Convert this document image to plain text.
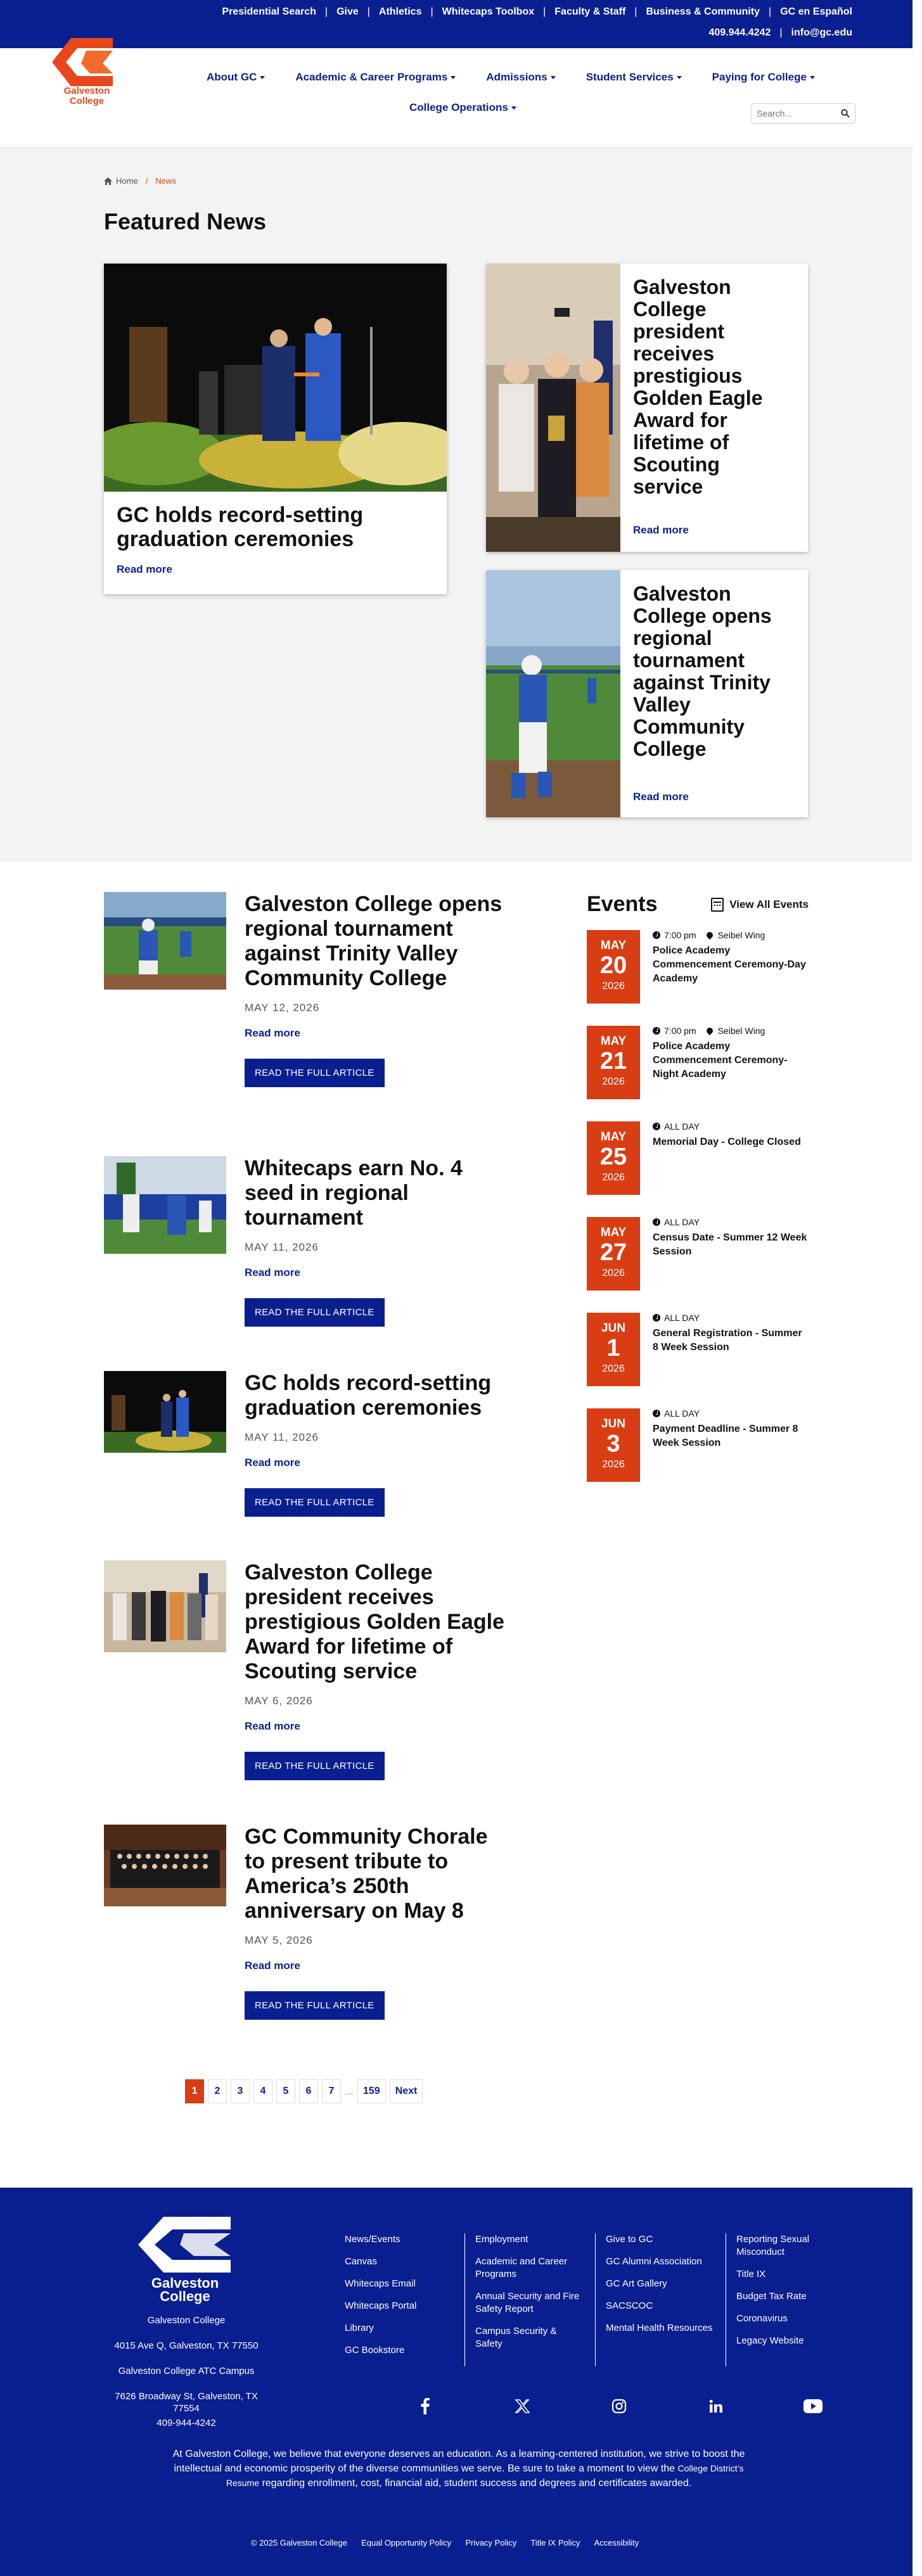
Presidential Search | Give | Athletics | Whitecaps Toolbox | Faculty & Staff | Business & Community | GC en Español
409.944.4242 | info@gc.edu
Galveston
College
About GC	Academic & Career Programs	Admissions	Student Services	Paying for College
College Operations
Search...
Home / News
Featured News
GC holds record-setting graduation ceremonies
Read more
Galveston College president receives prestigious Golden Eagle Award for lifetime of Scouting service
Read more
Galveston College opens regional tournament against Trinity Valley Community College
Read more
Galveston College opens regional tournament against Trinity Valley Community College
MAY 12, 2026
Read more
READ THE FULL ARTICLE
Whitecaps earn No. 4 seed in regional tournament
MAY 11, 2026
Read more
READ THE FULL ARTICLE
GC holds record-setting graduation ceremonies
MAY 11, 2026
Read more
READ THE FULL ARTICLE
Galveston College president receives prestigious Golden Eagle Award for lifetime of Scouting service
MAY 6, 2026
Read more
READ THE FULL ARTICLE
GC Community Chorale to present tribute to America’s 250th anniversary on May 8
MAY 5, 2026
Read more
READ THE FULL ARTICLE
Events	View All Events
MAY
20
2026
7:00 pm Seibel Wing
Police Academy Commencement Ceremony-Day Academy
MAY
21
2026
7:00 pm Seibel Wing
Police Academy Commencement Ceremony-Night Academy
MAY
25
2026
ALL DAY
Memorial Day - College Closed
MAY
27
2026
ALL DAY
Census Date - Summer 12 Week Session
JUN
1
2026
ALL DAY
General Registration - Summer 8 Week Session
JUN
3
2026
ALL DAY
Payment Deadline - Summer 8 Week Session
1	2	3	4	5	6	7	… 159	Next
Galveston
College

Galveston College

4015 Ave Q, Galveston, TX 77550

Galveston College ATC Campus

7626 Broadway St, Galveston, TX 77554

409-944-4242

News/Events
Canvas
Whitecaps Email
Whitecaps Portal
Library
GC Bookstore
Employment
Academic and Career Programs
Annual Security and Fire Safety Report
Campus Security & Safety
Give to GC
GC Alumni Association
GC Art Gallery
SACSCOC
Mental Health Resources
Reporting Sexual Misconduct
Title IX
Budget Tax Rate
Coronavirus
Legacy Website

At Galveston College, we believe that everyone deserves an education. As a learning-centered institution, we strive to boost the intellectual and economic prosperity of the diverse communities we serve. Be sure to take a moment to view the College District’s Resume regarding enrollment, cost, financial aid, student success and degrees and certificates awarded.

© 2025 Galveston College Equal Opportunity Policy Privacy Policy Title IX Policy Accessibility
